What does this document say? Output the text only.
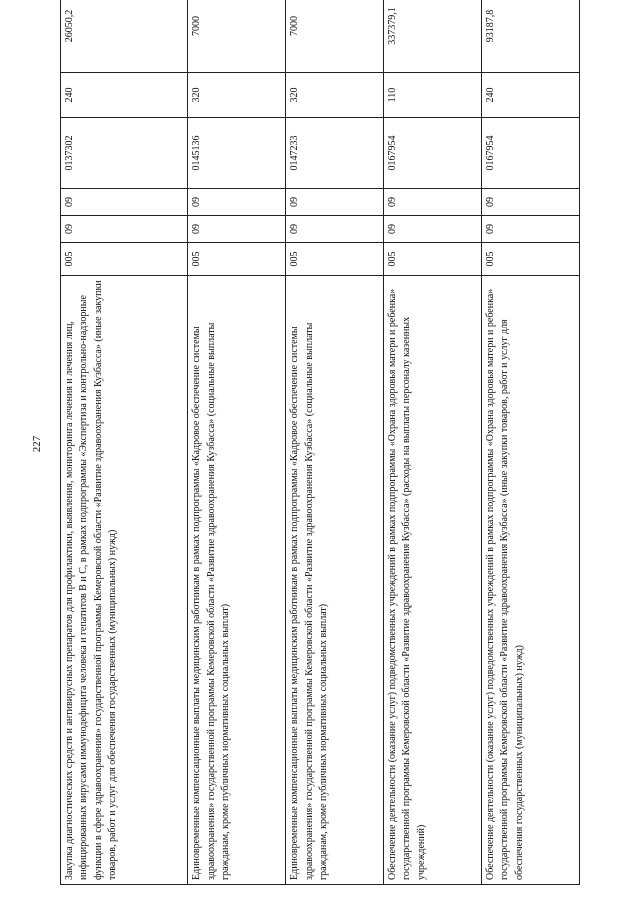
227 Закупка диагностических средств и антивирусных препаратов для профилактики, выявления, мониторинга лечения и лечения лиц, инфицированных вирусами иммунодефицита человека и гепатитов В и С, в рамках подпрограммы «Экспертиза и контрольно-надзорные функции в сфере здравоохранения» государственной программы Кемеровской области «Развитие здравоохранения Кузбасса» (иные закупки товаров, работ и услуг для обеспечения государственных (муниципальных) нужд)	005	09	09	0137302	240	26050,2
Единовременные компенсационные выплаты медицинским работникам в рамках подпрограммы «Кадровое обеспечение системы здравоохранения» государственной программы Кемеровской области «Развитие здравоохранения Кузбасса» (социальные выплаты гражданам, кроме публичных нормативных социальных выплат)	005	09	09	0145136	320	7000
Единовременные компенсационные выплаты медицинским работникам в рамках подпрограммы «Кадровое обеспечение системы здравоохранения» государственной программы Кемеровской области «Развитие здравоохранения Кузбасса» (социальные выплаты гражданам, кроме публичных нормативных социальных выплат)	005	09	09	0147233	320	7000
Обеспечение деятельности (оказание услуг) подведомственных учреждений в рамках подпрограммы «Охрана здоровья матери и ребенка» государственной программы Кемеровской области «Развитие здравоохранения Кузбасса» (расходы на выплаты персоналу казенных учреждений)	005	09	09	0167954	110	337379,1
Обеспечение деятельности (оказание услуг) подведомственных учреждений в рамках подпрограммы «Охрана здоровья матери и ребенка» государственной программы Кемеровской области «Развитие здравоохранения Кузбасса» (иные закупки товаров, работ и услуг для обеспечения государственных (муниципальных) нужд)	005	09	09	0167954	240	93187,8
